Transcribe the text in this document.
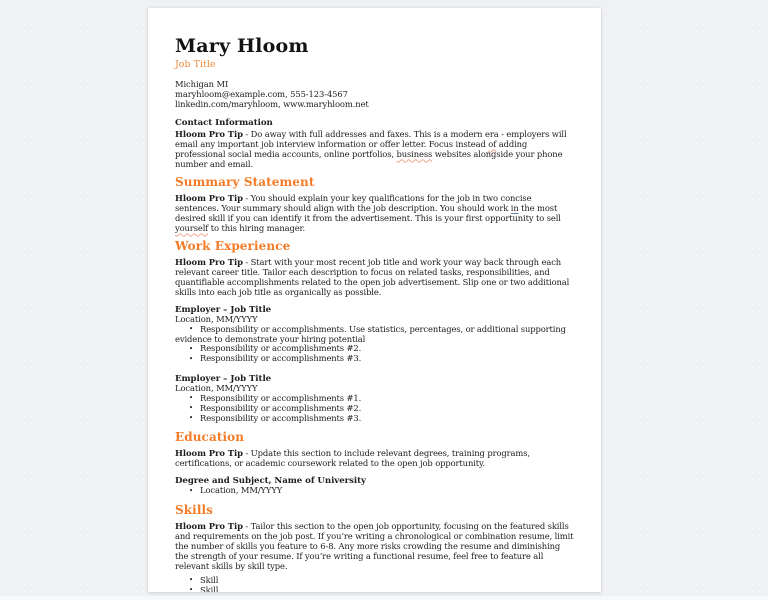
Mary Hloom
Job Title
Michigan MI
maryhloom@example.com, 555-123-4567
linkedin.com/maryhloom, www.maryhloom.net
Contact Information

Hloom Pro Tip - Do away with full addresses and faxes. This is a modern era - employers will email any important job interview information or offer letter. Focus instead of adding professional social media accounts, online portfolios, business websites alongside your phone number and email.

Summary Statement

Hloom Pro Tip - You should explain your key qualifications for the job in two concise sentences. Your summary should align with the job description. You should work in the most desired skill if you can identify it from the advertisement. This is your first opportunity to sell yourself to this hiring manager.

Work Experience

Hloom Pro Tip - Start with your most recent job title and work your way back through each relevant career title. Tailor each description to focus on related tasks, responsibilities, and quantifiable accomplishments related to the open job advertisement. Slip one or two additional skills into each job title as organically as possible.

Employer – Job Title
Location, MM/YYYY

• Responsibility or accomplishments. Use statistics, percentages, or additional supporting evidence to demonstrate your hiring potential

• Responsibility or accomplishments #2.

• Responsibility or accomplishments #3.

Employer – Job Title
Location, MM/YYYY

• Responsibility or accomplishments #1.

• Responsibility or accomplishments #2.

• Responsibility or accomplishments #3.

Education

Hloom Pro Tip - Update this section to include relevant degrees, training programs, certifications, or academic coursework related to the open job opportunity.

Degree and Subject, Name of University

• Location, MM/YYYY

Skills

Hloom Pro Tip - Tailor this section to the open job opportunity, focusing on the featured skills and requirements on the job post. If you’re writing a chronological or combination resume, limit the number of skills you feature to 6-8. Any more risks crowding the resume and diminishing the strength of your resume. If you’re writing a functional resume, feel free to feature all relevant skills by skill type.

• Skill

• Skill
